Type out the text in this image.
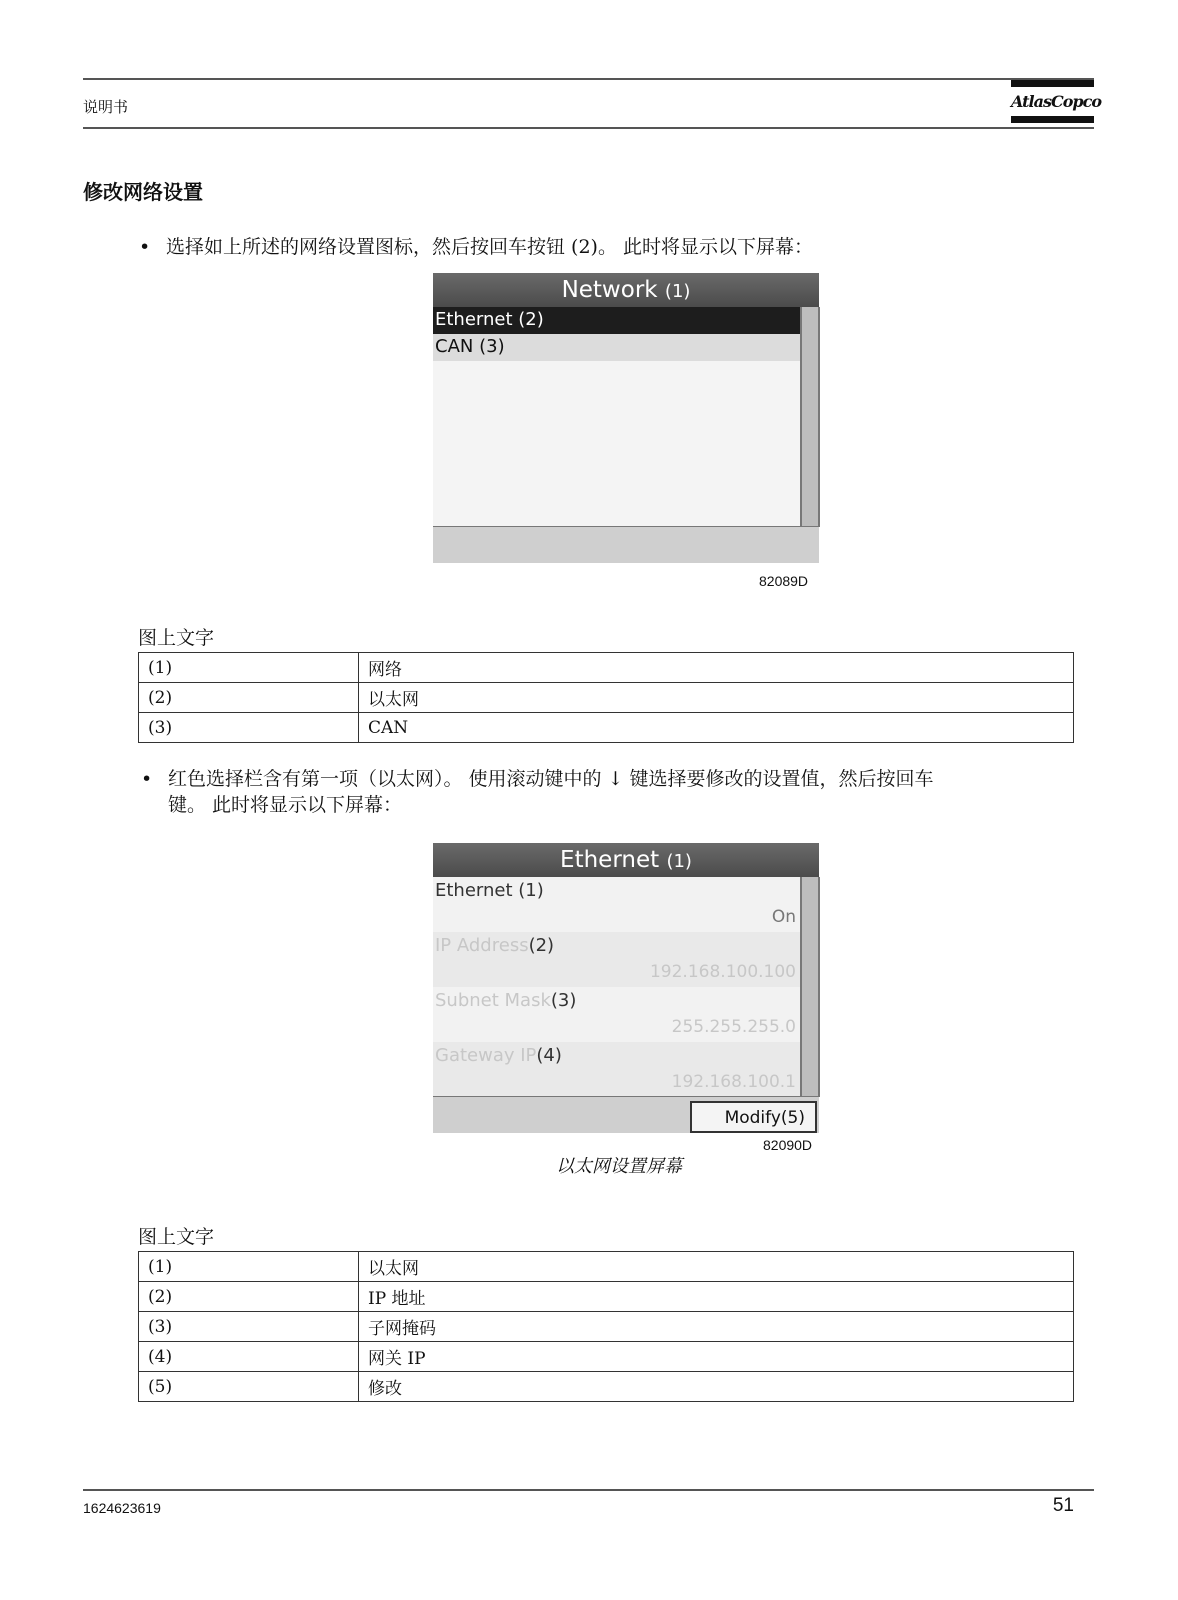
说明书	AtlasCopco
修改网络设置
• 选择如上所述的网络设置图标，然后按回车按钮 (2)。 此时将显示以下屏幕：
Network (1)
Ethernet (2)
CAN (3)
82089D
图上文字
(1)	网络
(2)	以太网
(3)	CAN
• 红色选择栏含有第一项（以太网）。 使用滚动键中的 ↓ 键选择要修改的设置值，然后按回车
键。 此时将显示以下屏幕：
Ethernet (1)
Ethernet (1)
On
IP Address(2)
192.168.100.100
Subnet Mask(3)
255.255.255.0
Gateway IP(4)
192.168.100.1
Modify(5)
82090D
以太网设置屏幕
图上文字
(1)	以太网
(2)	IP 地址
(3)	子网掩码
(4)	网关 IP
(5)	修改
1624623619	51
